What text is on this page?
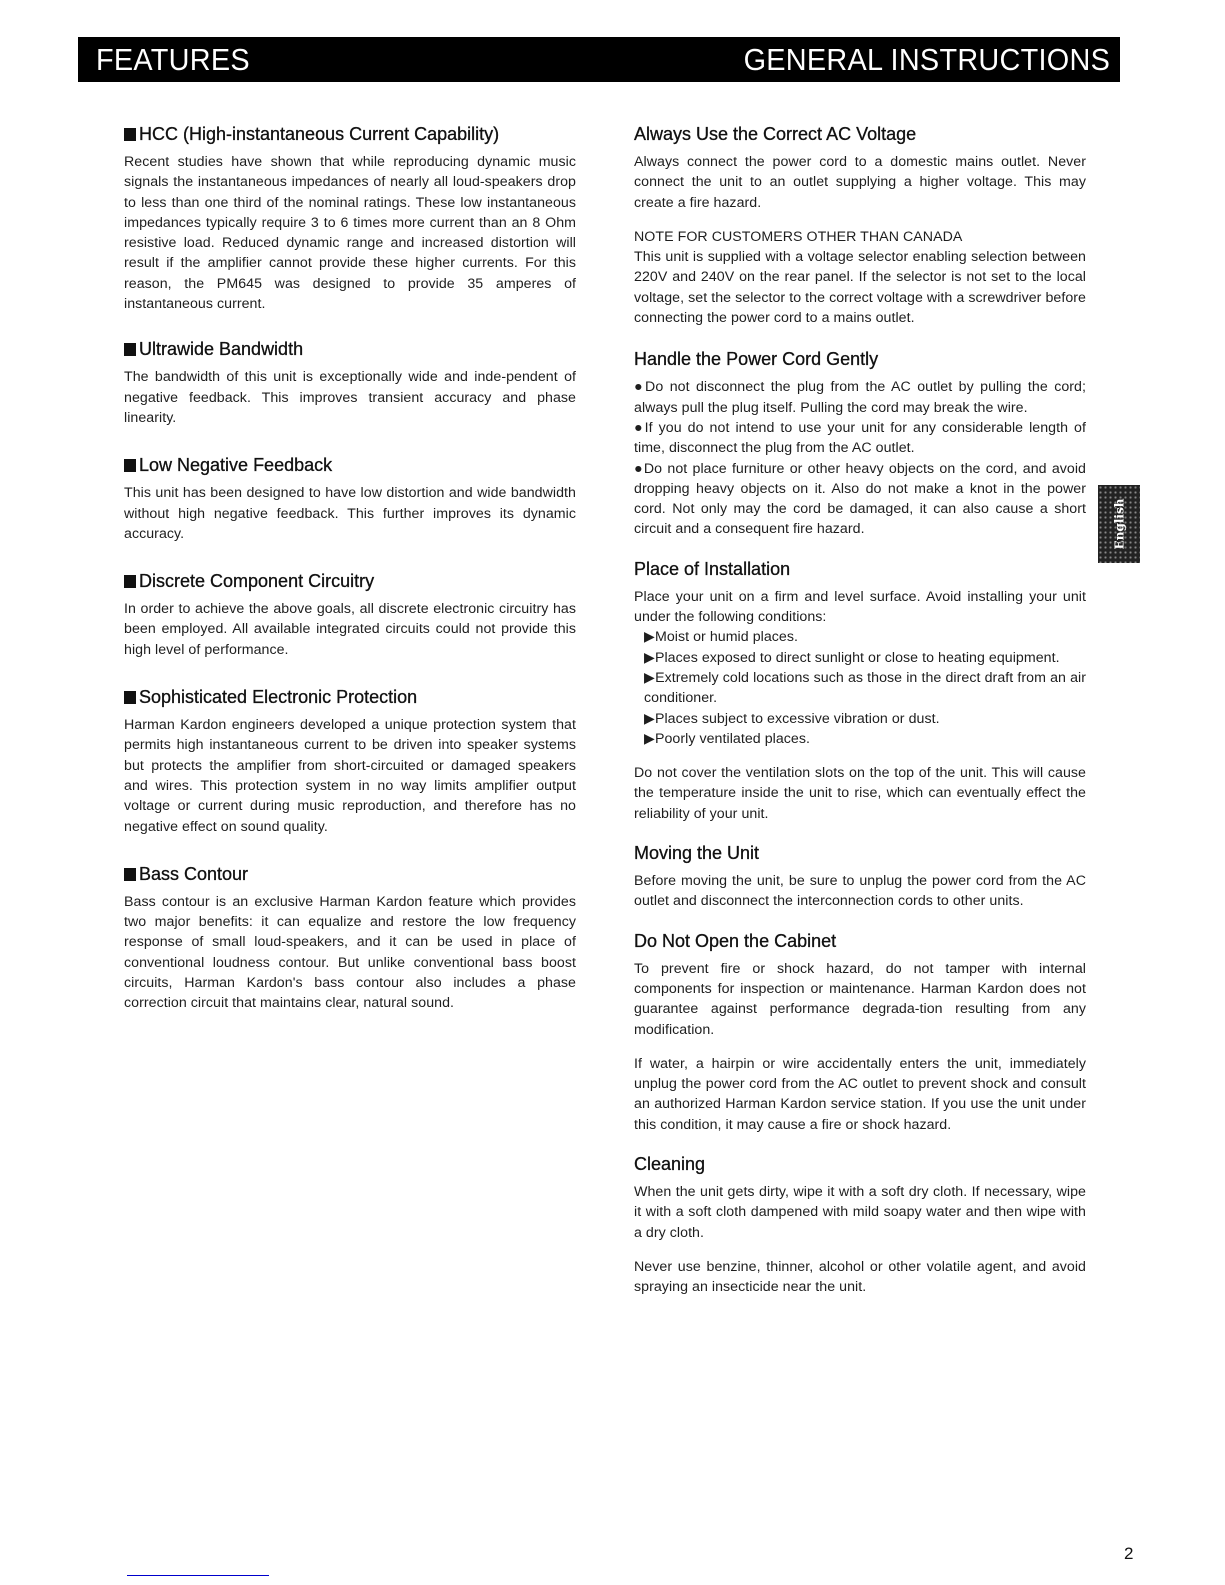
FEATURES	GENERAL INSTRUCTIONS
HCC (High-instantaneous Current Capability)

Recent studies have shown that while reproducing dynamic music signals the instantaneous impedances of nearly all loud-speakers drop to less than one third of the nominal ratings. These low instantaneous impedances typically require 3 to 6 times more current than an 8 Ohm resistive load. Reduced dynamic range and increased distortion will result if the amplifier cannot provide these higher currents. For this reason, the PM645 was designed to provide 35 amperes of instantaneous current.

Ultrawide Bandwidth

The bandwidth of this unit is exceptionally wide and inde-pendent of negative feedback. This improves transient accuracy and phase linearity.

Low Negative Feedback

This unit has been designed to have low distortion and wide bandwidth without high negative feedback. This further improves its dynamic accuracy.

Discrete Component Circuitry

In order to achieve the above goals, all discrete electronic circuitry has been employed. All available integrated circuits could not provide this high level of performance.

Sophisticated Electronic Protection

Harman Kardon engineers developed a unique protection system that permits high instantaneous current to be driven into speaker systems but protects the amplifier from short-circuited or damaged speakers and wires. This protection system in no way limits amplifier output voltage or current during music reproduction, and therefore has no negative effect on sound quality.

Bass Contour

Bass contour is an exclusive Harman Kardon feature which provides two major benefits: it can equalize and restore the low frequency response of small loud-speakers, and it can be used in place of conventional loudness contour. But unlike conventional bass boost circuits, Harman Kardon's bass contour also includes a phase correction circuit that maintains clear, natural sound.

Always Use the Correct AC Voltage

Always connect the power cord to a domestic mains outlet. Never connect the unit to an outlet supplying a higher voltage. This may create a fire hazard.

NOTE FOR CUSTOMERS OTHER THAN CANADA

This unit is supplied with a voltage selector enabling selection between 220V and 240V on the rear panel. If the selector is not set to the local voltage, set the selector to the correct voltage with a screwdriver before connecting the power cord to a mains outlet.

Handle the Power Cord Gently

●Do not disconnect the plug from the AC outlet by pulling the cord; always pull the plug itself. Pulling the cord may break the wire.

●If you do not intend to use your unit for any considerable length of time, disconnect the plug from the AC outlet.

●Do not place furniture or other heavy objects on the cord, and avoid dropping heavy objects on it. Also do not make a knot in the power cord. Not only may the cord be damaged, it can also cause a short circuit and a consequent fire hazard.

Place of Installation

Place your unit on a firm and level surface. Avoid installing your unit under the following conditions:

▶Moist or humid places.

▶Places exposed to direct sunlight or close to heating equipment.

▶Extremely cold locations such as those in the direct draft from an air conditioner.

▶Places subject to excessive vibration or dust.

▶Poorly ventilated places.

Do not cover the ventilation slots on the top of the unit. This will cause the temperature inside the unit to rise, which can eventually effect the reliability of your unit.

Moving the Unit

Before moving the unit, be sure to unplug the power cord from the AC outlet and disconnect the interconnection cords to other units.

Do Not Open the Cabinet

To prevent fire or shock hazard, do not tamper with internal components for inspection or maintenance. Harman Kardon does not guarantee against performance degrada-tion resulting from any modification.

If water, a hairpin or wire accidentally enters the unit, immediately unplug the power cord from the AC outlet to prevent shock and consult an authorized Harman Kardon service station. If you use the unit under this condition, it may cause a fire or shock hazard.

Cleaning

When the unit gets dirty, wipe it with a soft dry cloth. If necessary, wipe it with a soft cloth dampened with mild soapy water and then wipe with a dry cloth.

Never use benzine, thinner, alcohol or other volatile agent, and avoid spraying an insecticide near the unit.

English
2
